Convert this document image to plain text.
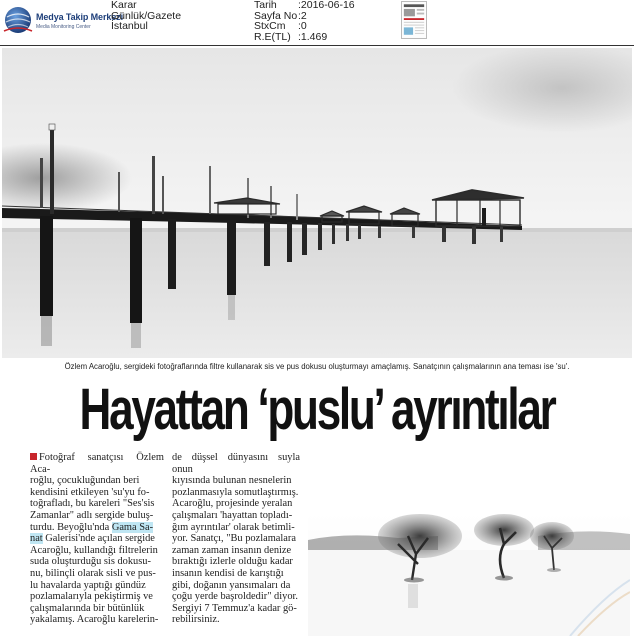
Medya Takip Merkezi
Media Monitoring Center
Karar
Günlük/Gazete
İstanbul
Tarih	:2016-06-16
Sayfa No :2
StxCm	:0
R.E(TL) :1.469
Özlem Acaroğlu, sergideki fotoğraflarında filtre kullanarak sis ve pus dokusu oluşturmayı amaçlamış. Sanatçının çalışmalarının ana teması ise 'su'.
Hayattan ‘puslu’ ayrıntılar
Fotoğraf sanatçısı Özlem Aca-
roğlu, çocukluğundan beri
kendisini etkileyen 'su'yu fo-
toğrafladı, bu kareleri "Ses'sis
Zamanlar" adlı sergide buluş-
turdu. Beyoğlu'nda Gama Sa-
nat Galerisi'nde açılan sergide
Acaroğlu, kullandığı filtrelerin
suda oluşturduğu sis dokusu-
nu, bilinçli olarak sisli ve pus-
lu havalarda yaptığı gündüz
pozlamalarıyla pekiştirmiş ve
çalışmalarında bir bütünlük
yakalamış. Acaroğlu karelerin-
de düşsel dünyasını suyla onun
kıyısında bulunan nesnelerin
pozlanmasıyla somutlaştırmış.
Acaroğlu, projesinde yeralan
çalışmaları 'hayattan topladı-
ğım ayrıntılar' olarak betimli-
yor. Sanatçı, "Bu pozlamalara
zaman zaman insanın denize
bıraktığı izlerle olduğu kadar
insanın kendisi de karıştığı
gibi, doğanın yansımaları da
çoğu yerde başroldedir" diyor.
Sergiyi 7 Temmuz'a kadar gö-
rebilirsiniz.
